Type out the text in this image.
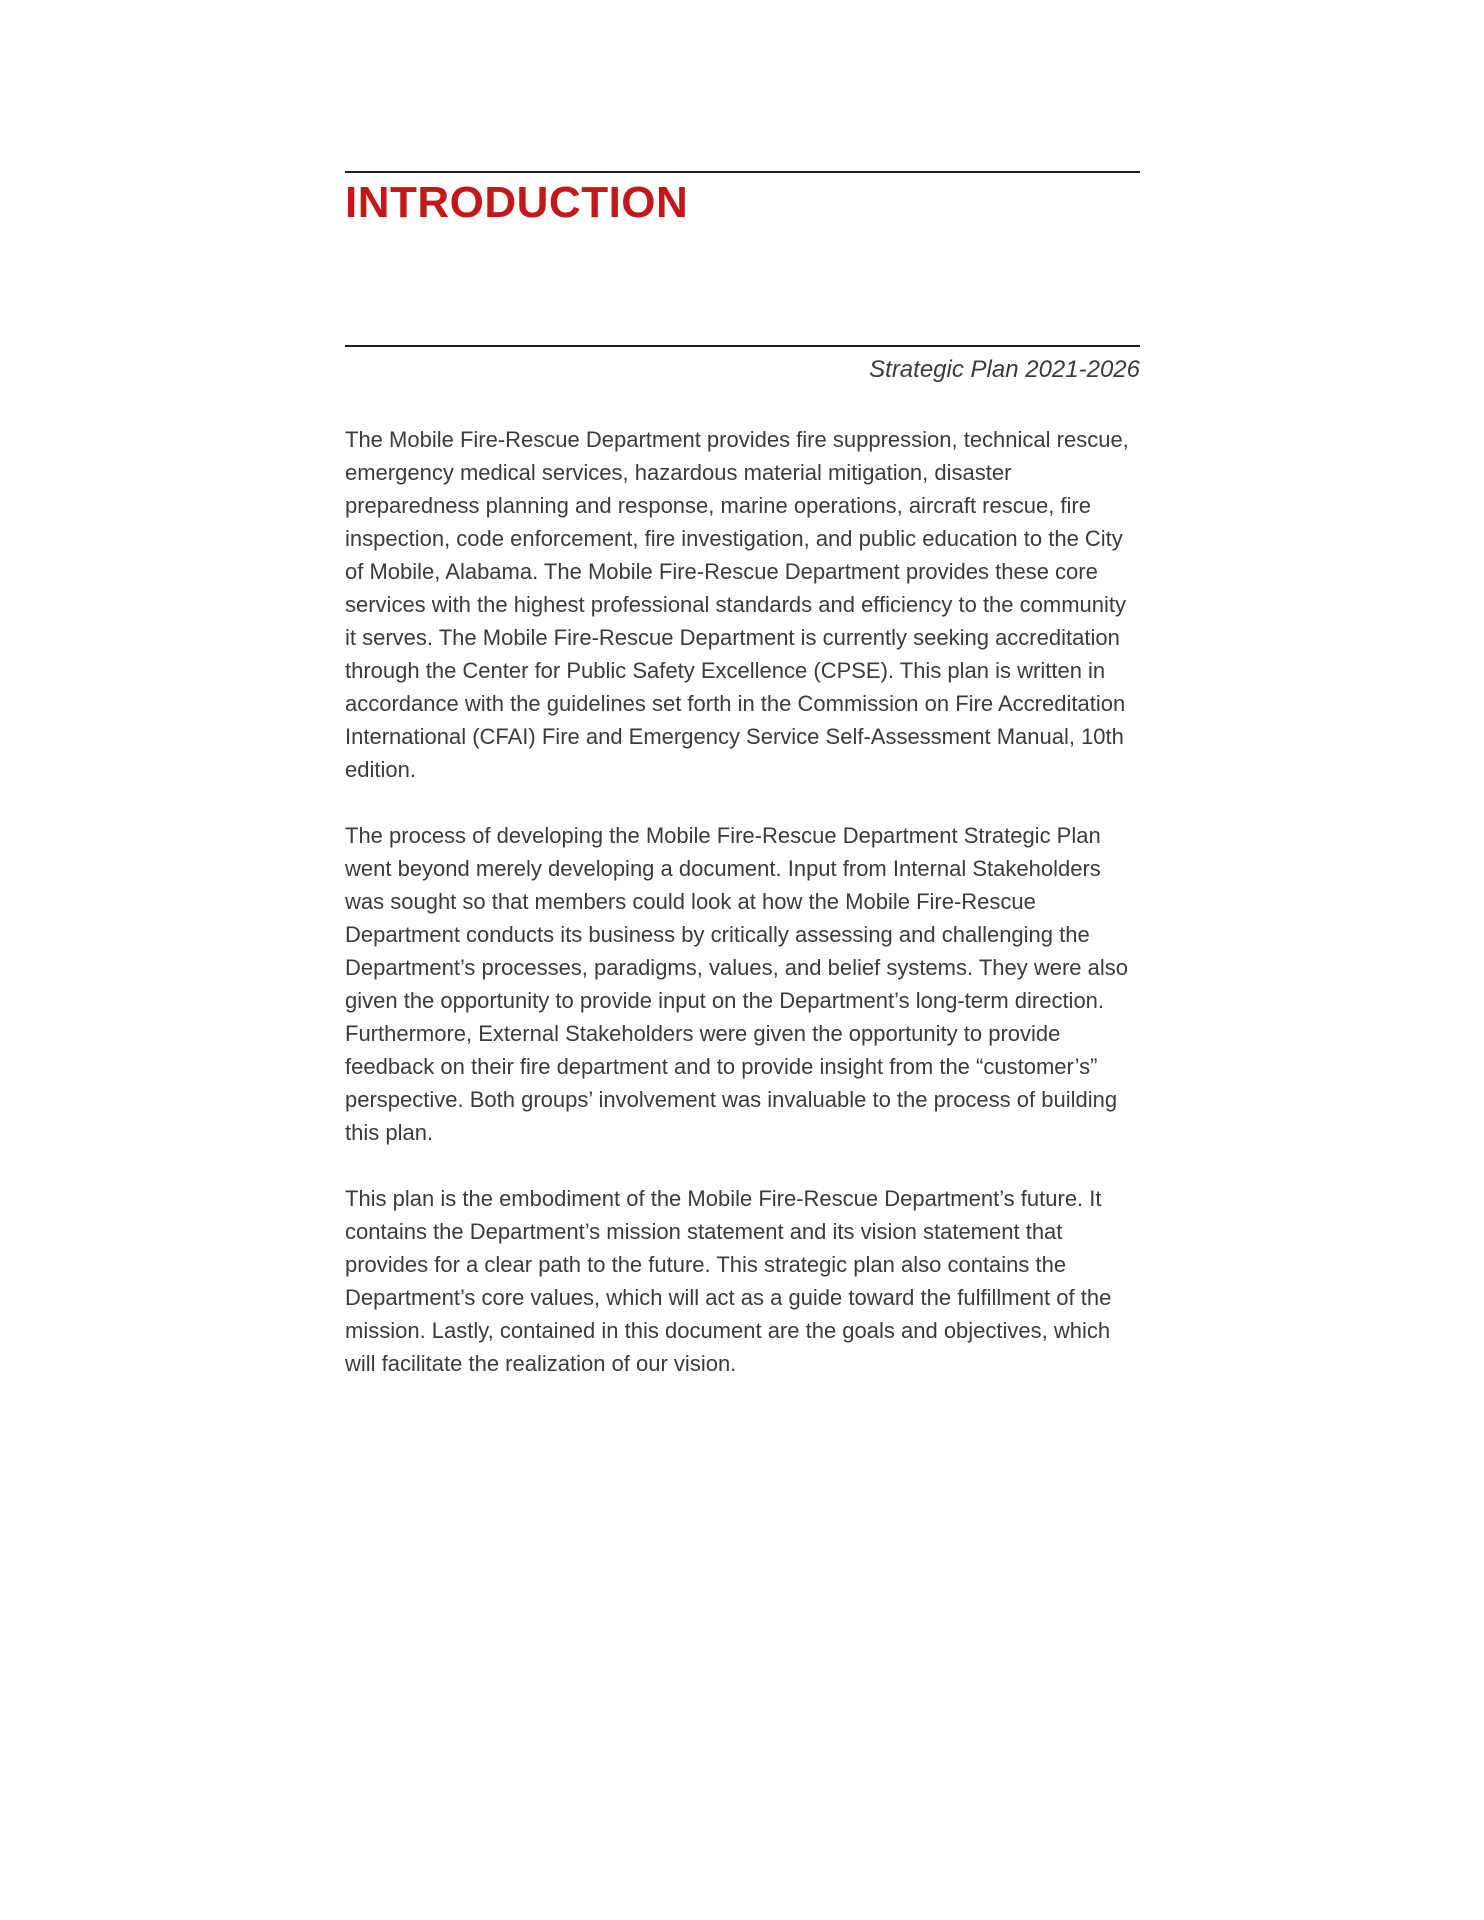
INTRODUCTION

Strategic Plan 2021-2026

The Mobile Fire-Rescue Department provides fire suppression, technical rescue, emergency medical services, hazardous material mitigation, disaster preparedness planning and response, marine operations, aircraft rescue, fire inspection, code enforcement, fire investigation, and public education to the City of Mobile, Alabama. The Mobile Fire-Rescue Department provides these core services with the highest professional standards and efficiency to the community it serves. The Mobile Fire-Rescue Department is currently seeking accreditation through the Center for Public Safety Excellence (CPSE). This plan is written in accordance with the guidelines set forth in the Commission on Fire Accreditation International (CFAI) Fire and Emergency Service Self-Assessment Manual, 10th edition.

The process of developing the Mobile Fire-Rescue Department Strategic Plan went beyond merely developing a document. Input from Internal Stakeholders was sought so that members could look at how the Mobile Fire-Rescue Department conducts its business by critically assessing and challenging the Department’s processes, paradigms, values, and belief systems. They were also given the opportunity to provide input on the Department’s long-term direction. Furthermore, External Stakeholders were given the opportunity to provide feedback on their fire department and to provide insight from the “customer’s” perspective. Both groups’ involvement was invaluable to the process of building this plan.

This plan is the embodiment of the Mobile Fire-Rescue Department’s future. It contains the Department’s mission statement and its vision statement that provides for a clear path to the future. This strategic plan also contains the Department’s core values, which will act as a guide toward the fulfillment of the mission. Lastly, contained in this document are the goals and objectives, which will facilitate the realization of our vision.
